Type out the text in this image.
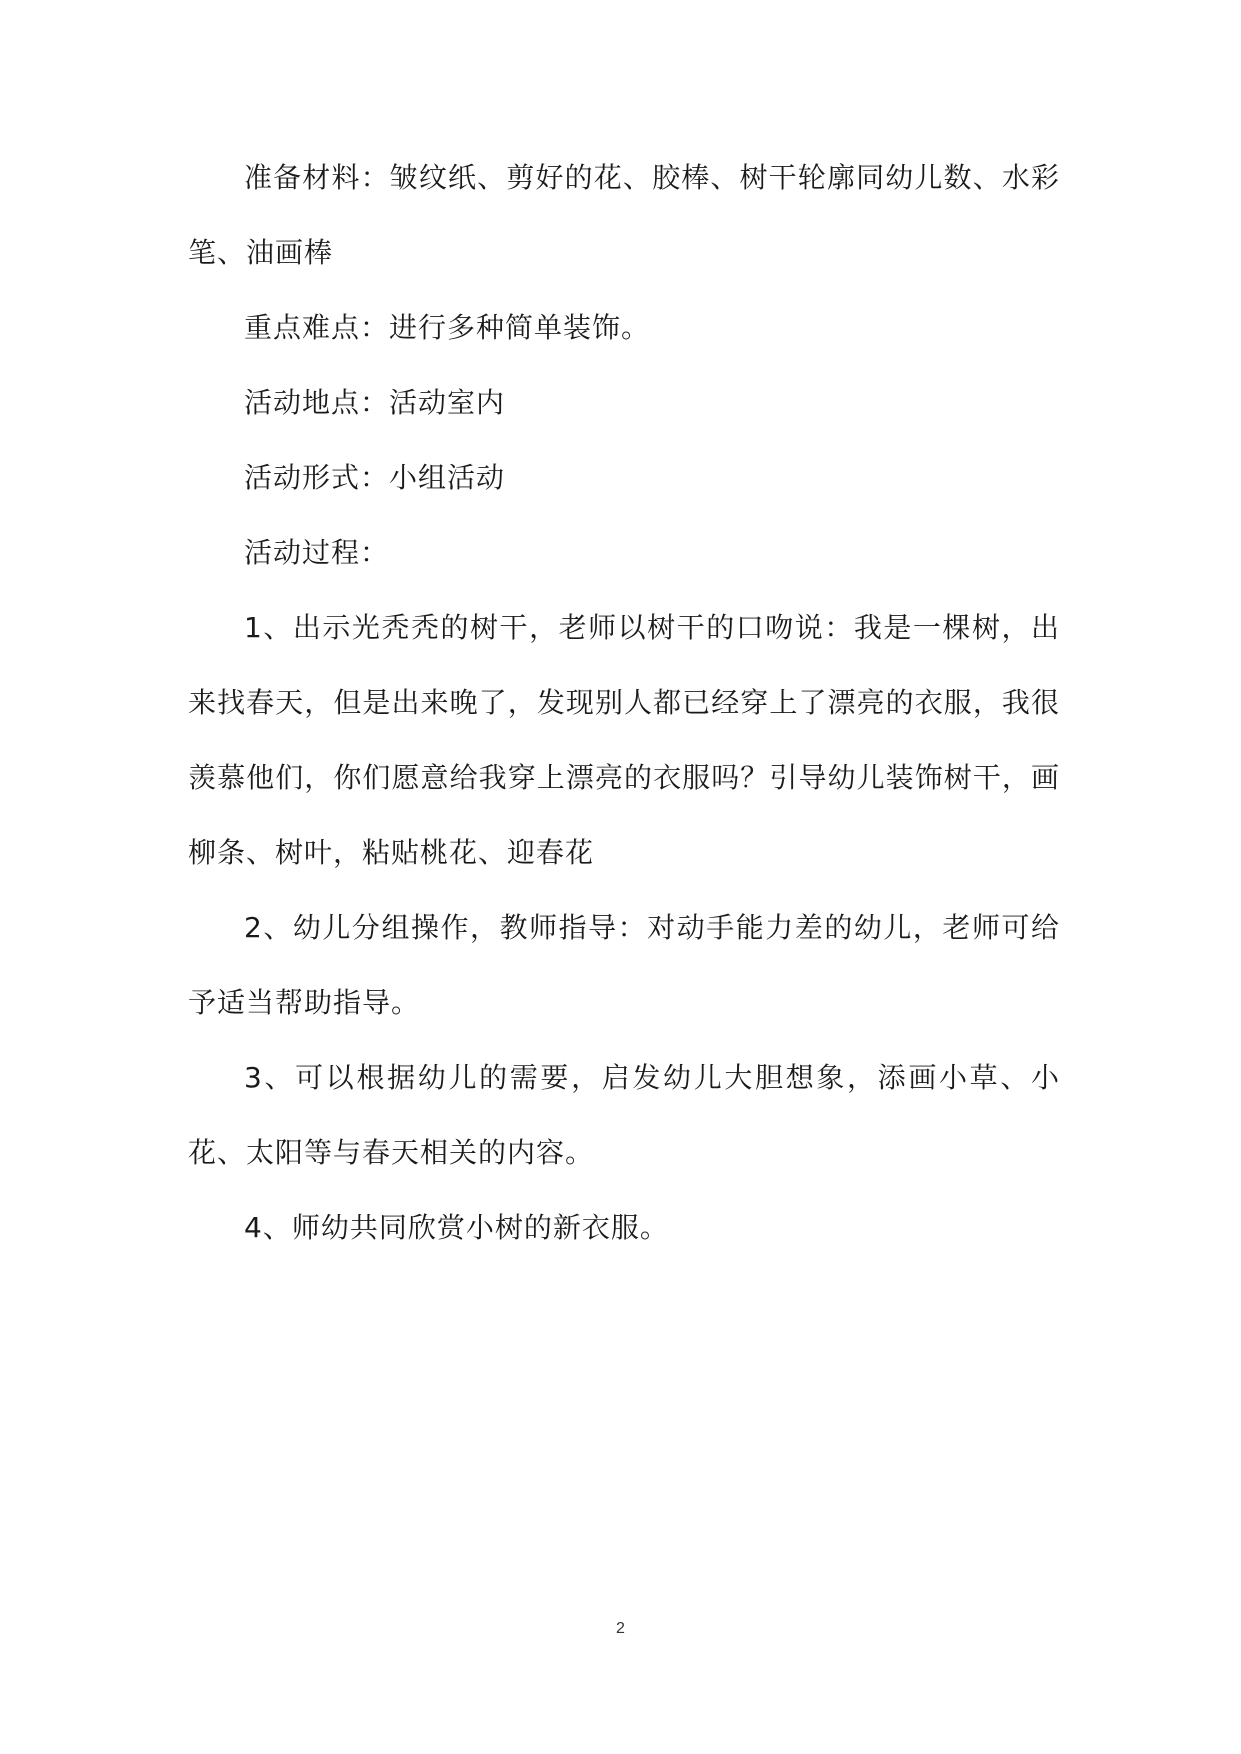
准备材料：皱纹纸、剪好的花、胶棒、树干轮廓同幼儿数、水彩笔、油画棒

重点难点：进行多种简单装饰。

活动地点：活动室内

活动形式：小组活动

活动过程：

1、出示光秃秃的树干，老师以树干的口吻说：我是一棵树，出来找春天，但是出来晚了，发现别人都已经穿上了漂亮的衣服，我很羡慕他们，你们愿意给我穿上漂亮的衣服吗？引导幼儿装饰树干，画柳条、树叶，粘贴桃花、迎春花

2、幼儿分组操作，教师指导：对动手能力差的幼儿，老师可给予适当帮助指导。

3、可以根据幼儿的需要，启发幼儿大胆想象，添画小草、小花、太阳等与春天相关的内容。

4、师幼共同欣赏小树的新衣服。

2
